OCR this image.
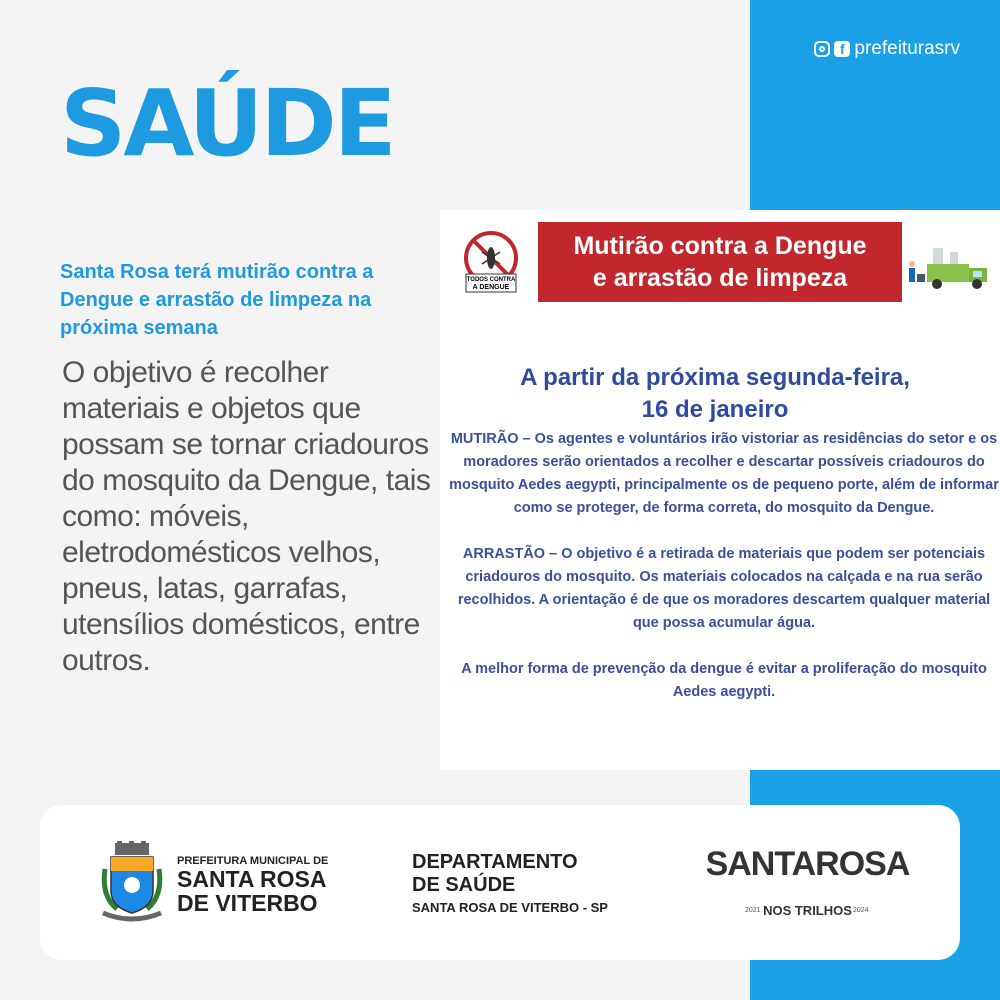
f prefeiturasrv
SAÚDE
Santa Rosa terá mutirão contra a Dengue e arrastão de limpeza na próxima semana
O objetivo é recolher materiais e objetos que possam se tornar criadouros do mosquito da Dengue, tais como: móveis, eletrodomésticos velhos, pneus, latas, garrafas, utensílios domésticos, entre outros.
TODOS CONTRA
A DENGUE
Mutirão contra a Dengue
e arrastão de limpeza
A partir da próxima segunda-feira,
16 de janeiro

MUTIRÃO – Os agentes e voluntários irão vistoriar as residências do setor e os moradores serão orientados a recolher e descartar possíveis criadouros do mosquito Aedes aegypti, principalmente os de pequeno porte, além de informar como se proteger, de forma correta, do mosquito da Dengue.

ARRASTÃO – O objetivo é a retirada de materiais que podem ser potenciais criadouros do mosquito. Os materiais colocados na calçada e na rua serão recolhidos. A orientação é de que os moradores descartem qualquer material que possa acumular água.

A melhor forma de prevenção da dengue é evitar a proliferação do mosquito Aedes aegypti.

PREFEITURA MUNICIPAL DE
SANTA ROSA
DE VITERBO
DEPARTAMENTO
DE SAÚDE
SANTA ROSA DE VITERBO - SP
SANTAROSA
NOS TRILHOS
2021	2024
